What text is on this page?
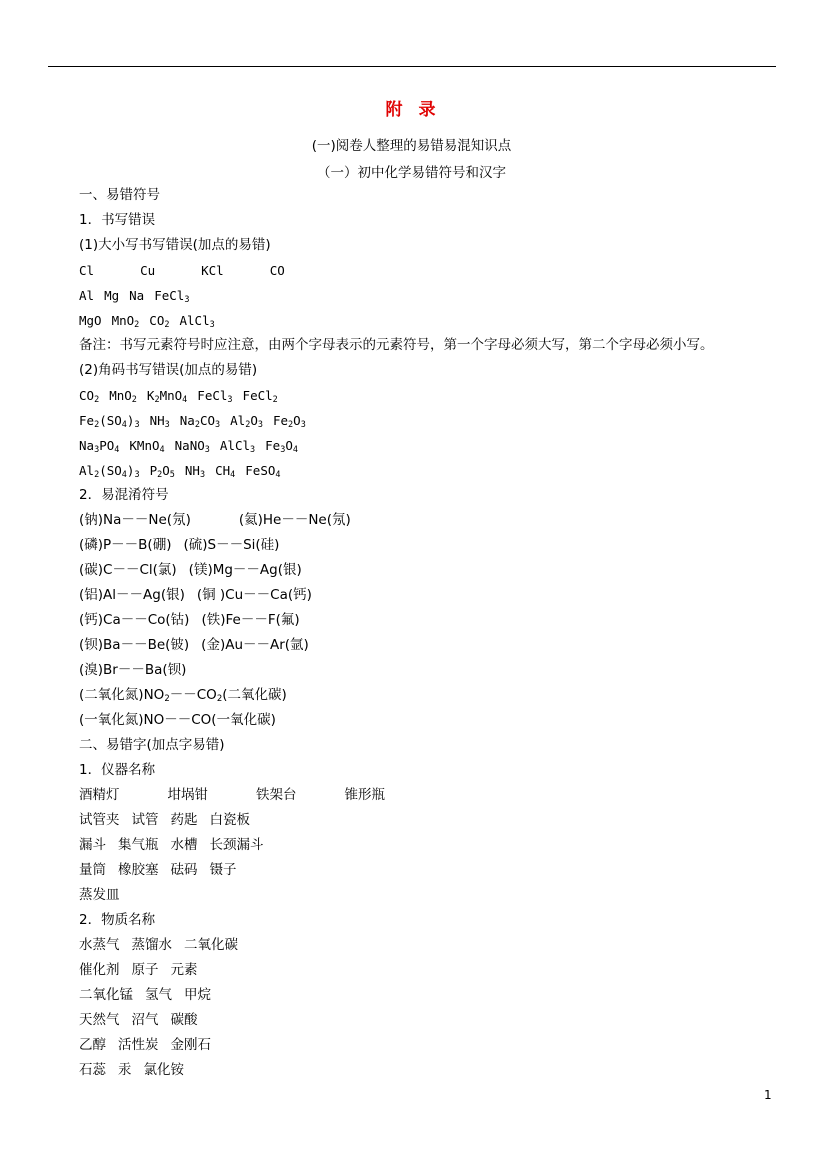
附 录
(一)阅卷人整理的易错易混知识点
（一）初中化学易错符号和汉字
一、易错符号
1．书写错误
(1)大小写书写错误(加点的易错)
Cl	Cu	KCl	CO
Al Mg Na FeCl$_3$
MgO MnO$_2$ $CO_2$ AlCl$_3$
备注：书写元素符号时应注意，由两个字母表示的元素符号，第一个字母必须大写，第二个字母必须小写。
(2)角码书写错误(加点的易错)
$CO_2$ MnO$_2$ $K_2MnO_4$ FeCl$_3$ FeCl$_2$
$Fe_2(SO_4)_3$ $NH_3$ $Na_2CO_3$ $Al_2O_3$ $Fe_2O_3$
$Na_3PO_4$ KMnO$_4$ NaNO$_3$ AlCl$_3$ $Fe_3O_4$
$Al_2(SO_4)_3$ $P_2O_5$ $NH_3$ $CH_4$ FeSO$_4$
2．易混淆符号
(钠)Na－－Ne(氖)	(氦)He－－Ne(氖)
(磷)P－－B(硼) (硫)S－－Si(硅)
(碳)C－－Cl(氯) (镁)Mg－－Ag(银)
(铝)Al－－Ag(银) (铜 )Cu－－Ca(钙)
(钙)Ca－－Co(钴) (铁)Fe－－F(氟)
(钡)Ba－－Be(铍) (金)Au－－Ar(氩)
(溴)Br－－Ba(钡)
(二氧化氮)$NO_2--CO_2$(二氧化碳)
(一氧化氮)NO－－CO(一氧化碳)
二、易错字(加点字易错)
1．仪器名称
酒精灯	坩埚钳	铁架台	锥形瓶
试管夹 试管 药匙 白瓷板
漏斗 集气瓶 水槽 长颈漏斗
量筒 橡胶塞 砝码 镊子
蒸发皿
2．物质名称
水蒸气 蒸馏水 二氧化碳
催化剂 原子 元素
二氧化锰 氢气 甲烷
天然气 沼气 碳酸
乙醇 活性炭 金刚石
石蕊 汞 氯化铵
1
